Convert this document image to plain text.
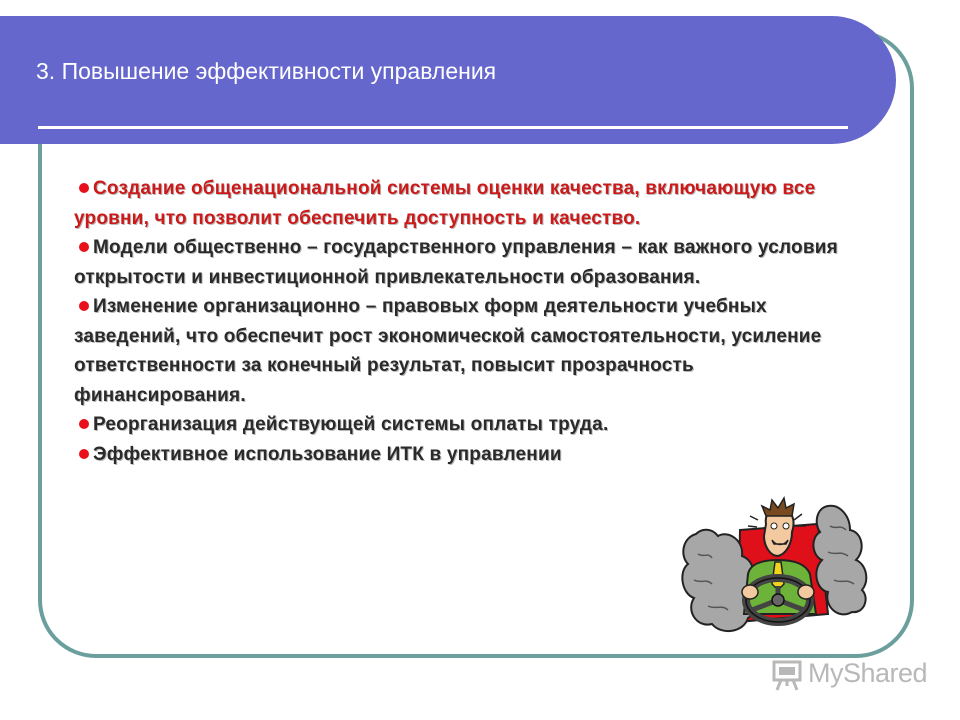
3. Повышение эффективности управления
Создание общенациональной системы оценки качества, включающую все уровни, что позволит обеспечить доступность и качество.
Модели общественно – государственного управления – как важного условия открытости и инвестиционной привлекательности образования.
Изменение организационно – правовых форм деятельности учебных заведений, что обеспечит рост экономической самостоятельности, усиление ответственности за конечный результат, повысит прозрачность финансирования.
Реорганизация действующей системы оплаты труда.
Эффективное использование ИТК в управлении
MyShared
